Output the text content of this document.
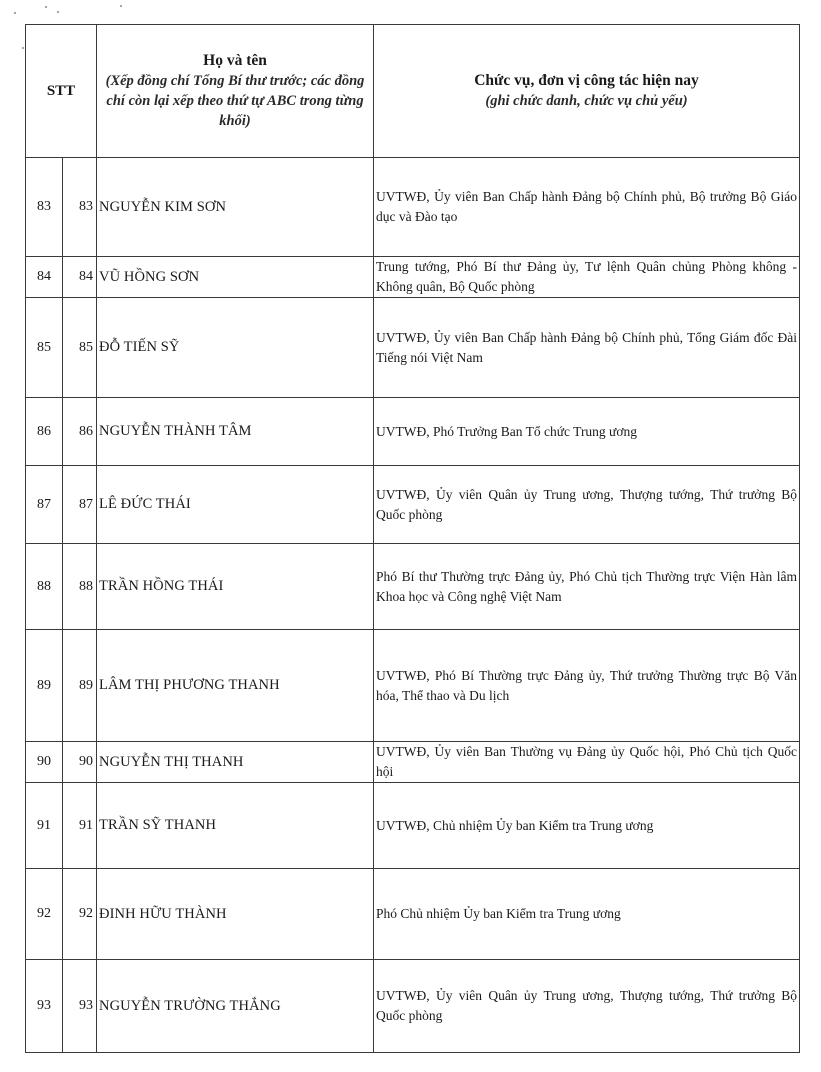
STT		Họ và tên
(Xếp đồng chí Tổng Bí thư trước; các đồng chí còn lại xếp theo thứ tự ABC trong từng khối)	Chức vụ, đơn vị công tác hiện nay
(ghi chức danh, chức vụ chủ yếu)

83	83	NGUYỄN KIM SƠN	UVTWĐ, Ủy viên Ban Chấp hành Đảng bộ Chính phủ, Bộ trưởng Bộ Giáo dục và Đào tạo
84	84	VŨ HỒNG SƠN	Trung tướng, Phó Bí thư Đảng ủy, Tư lệnh Quân chủng Phòng không - Không quân, Bộ Quốc phòng
85	85	ĐỖ TIẾN SỸ	UVTWĐ, Ủy viên Ban Chấp hành Đảng bộ Chính phủ, Tổng Giám đốc Đài Tiếng nói Việt Nam
86	86	NGUYỄN THÀNH TÂM	UVTWĐ, Phó Trưởng Ban Tổ chức Trung ương
87	87	LÊ ĐỨC THÁI	UVTWĐ, Ủy viên Quân ủy Trung ương, Thượng tướng, Thứ trưởng Bộ Quốc phòng
88	88	TRẦN HỒNG THÁI	Phó Bí thư Thường trực Đảng ủy, Phó Chủ tịch Thường trực Viện Hàn lâm Khoa học và Công nghệ Việt Nam
89	89	LÂM THỊ PHƯƠNG THANH	UVTWĐ, Phó Bí Thường trực Đảng ủy, Thứ trưởng Thường trực Bộ Văn hóa, Thể thao và Du lịch
90	90	NGUYỄN THỊ THANH	UVTWĐ, Ủy viên Ban Thường vụ Đảng ủy Quốc hội, Phó Chủ tịch Quốc hội
91	91	TRẦN SỸ THANH	UVTWĐ, Chủ nhiệm Ủy ban Kiểm tra Trung ương
92	92	ĐINH HỮU THÀNH	Phó Chủ nhiệm Ủy ban Kiểm tra Trung ương
93	93	NGUYỄN TRƯỜNG THẮNG	UVTWĐ, Ủy viên Quân ủy Trung ương, Thượng tướng, Thứ trưởng Bộ Quốc phòng
